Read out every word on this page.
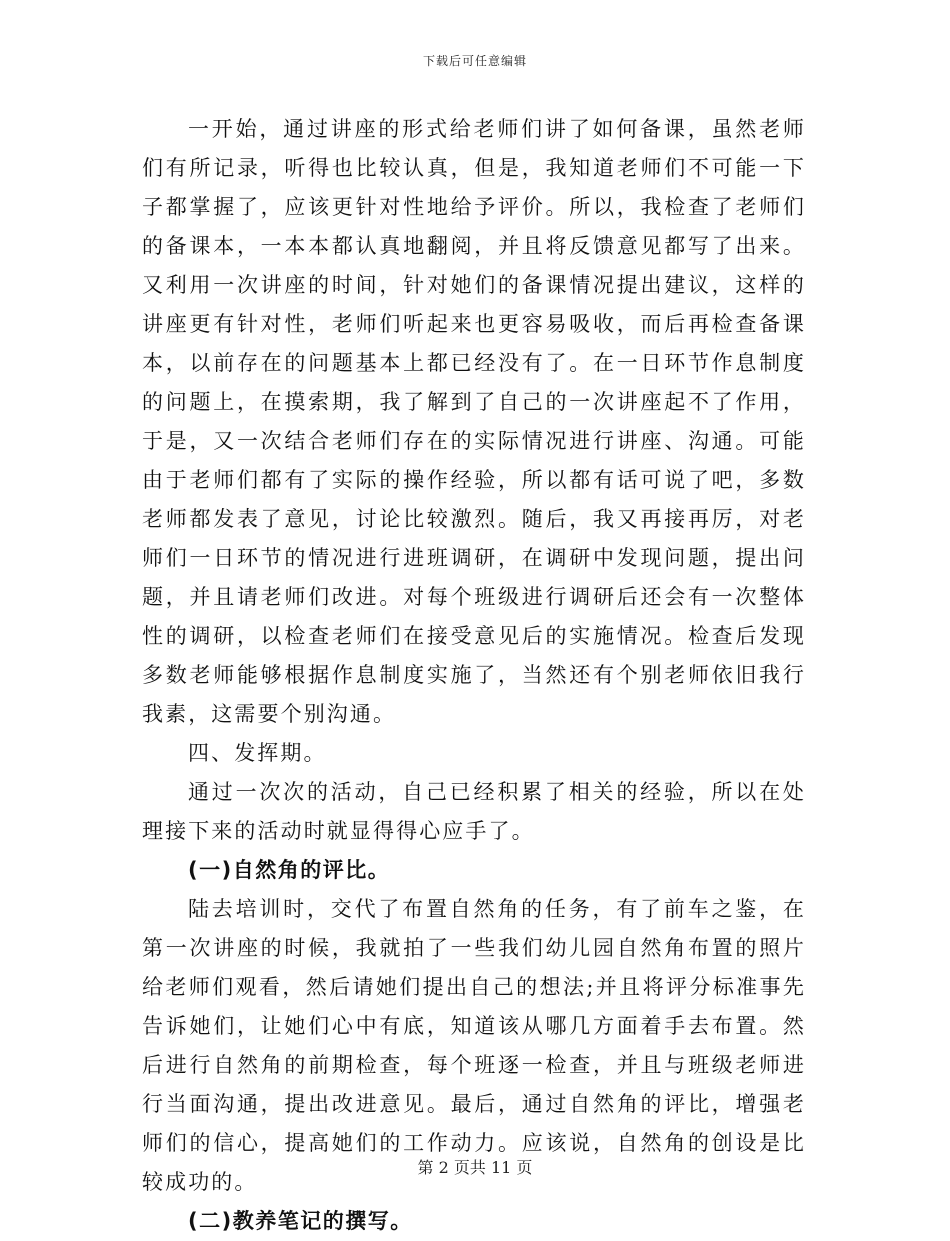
下载后可任意编辑

一开始，通过讲座的形式给老师们讲了如何备课，虽然老师们有所记录，听得也比较认真，但是，我知道老师们不可能一下子都掌握了，应该更针对性地给予评价。所以，我检查了老师们的备课本，一本本都认真地翻阅，并且将反馈意见都写了出来。又利用一次讲座的时间，针对她们的备课情况提出建议，这样的讲座更有针对性，老师们听起来也更容易吸收，而后再检查备课本，以前存在的问题基本上都已经没有了。在一日环节作息制度的问题上，在摸索期，我了解到了自己的一次讲座起不了作用，于是，又一次结合老师们存在的实际情况进行讲座、沟通。可能由于老师们都有了实际的操作经验，所以都有话可说了吧，多数老师都发表了意见，讨论比较激烈。随后，我又再接再厉，对老师们一日环节的情况进行进班调研，在调研中发现问题，提出问题，并且请老师们改进。对每个班级进行调研后还会有一次整体性的调研，以检查老师们在接受意见后的实施情况。检查后发现多数老师能够根据作息制度实施了，当然还有个别老师依旧我行我素，这需要个别沟通。

四、发挥期。

通过一次次的活动，自己已经积累了相关的经验，所以在处理接下来的活动时就显得得心应手了。

(一)自然角的评比。

陆去培训时，交代了布置自然角的任务，有了前车之鉴，在第一次讲座的时候，我就拍了一些我们幼儿园自然角布置的照片给老师们观看，然后请她们提出自己的想法;并且将评分标准事先告诉她们，让她们心中有底，知道该从哪几方面着手去布置。然后进行自然角的前期检查，每个班逐一检查，并且与班级老师进行当面沟通，提出改进意见。最后，通过自然角的评比，增强老师们的信心，提高她们的工作动力。应该说，自然角的创设是比较成功的。

(二)教养笔记的撰写。

第 2 页共 11 页
